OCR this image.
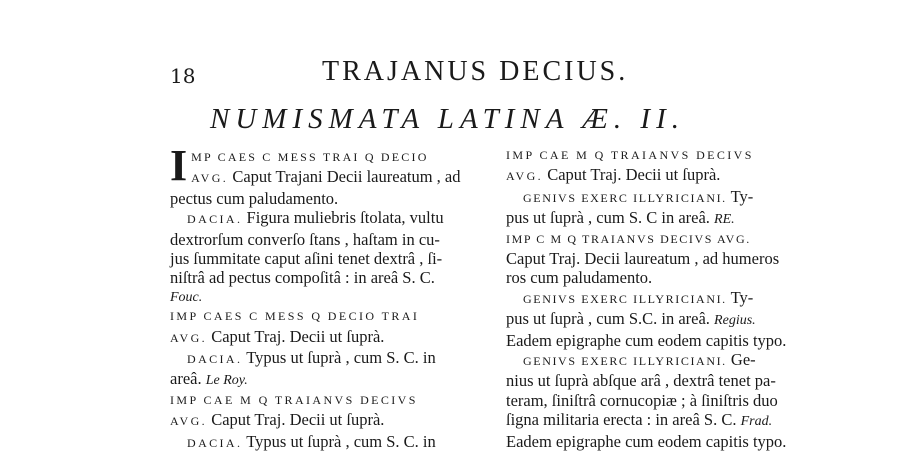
18	TRAJANUS DECIUS.
NUMISMATA LATINA Æ. II.
IMP CAES C MESS TRAI Q DECIO
AVG. Caput Trajani Decii laureatum , ad
pectus cum paludamento.
DACIA. Figura muliebris ſtolata, vultu
dextrorſum converſo ſtans , haſtam in cu-
jus ſummitate caput aſini tenet dextrâ , ſi-
niſtrâ ad pectus compoſitâ : in areâ S. C.
Fouc.
IMP CAES C MESS Q DECIO TRAI
AVG. Caput Traj. Decii ut ſuprà.
DACIA. Typus ut ſuprà , cum S. C. in
areâ. Le Roy.
IMP CAE M Q TRAIANVS DECIVS
AVG. Caput Traj. Decii ut ſuprà.
DACIA. Typus ut ſuprà , cum S. C. in
IMP CAE M Q TRAIANVS DECIVS
AVG. Caput Traj. Decii ut ſuprà.
GENIVS EXERC ILLYRICIANI. Ty-
pus ut ſuprà , cum S. C in areâ. RE.
IMP C M Q TRAIANVS DECIVS AVG.
Caput Traj. Decii laureatum , ad humeros
ros cum paludamento.
GENIVS EXERC ILLYRICIANI. Ty-
pus ut ſuprà , cum S.C. in areâ. Regius.
Eadem epigraphe cum eodem capitis typo.
GENIVS EXERC ILLYRICIANI. Ge-
nius ut ſuprà abſque arâ , dextrâ tenet pa-
teram, ſiniſtrâ cornucopiæ ; à ſiniſtris duo
ſigna militaria erecta : in areâ S. C. Frad.
Eadem epigraphe cum eodem capitis typo.
